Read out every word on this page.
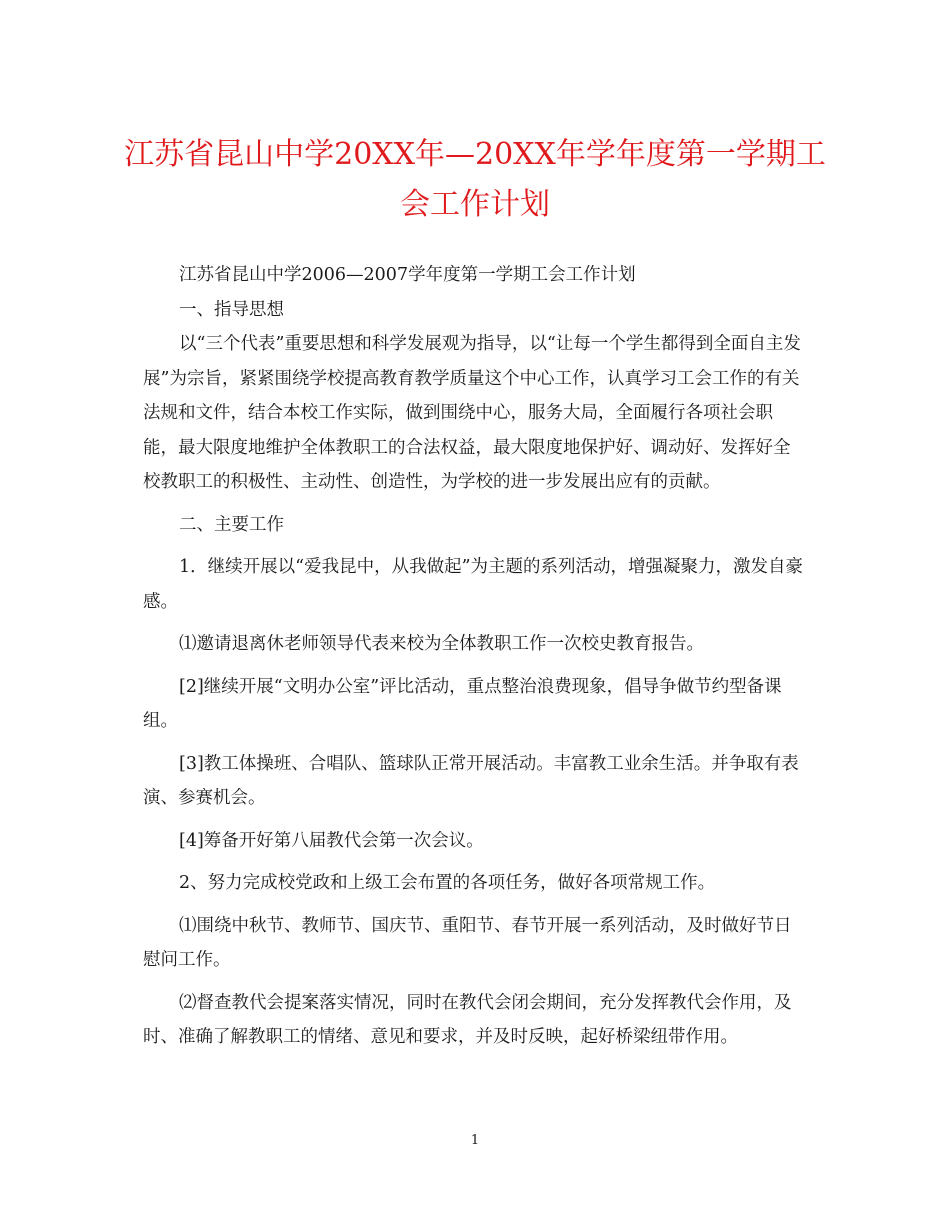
江苏省昆山中学20XX年—20XX年学年度第一学期工会工作计划

江苏省昆山中学2006—2007学年度第一学期工会工作计划

一、指导思想

以“三个代表”重要思想和科学发展观为指导，以“让每一个学生都得到全面自主发展”为宗旨，紧紧围绕学校提高教育教学质量这个中心工作，认真学习工会工作的有关法规和文件，结合本校工作实际，做到围绕中心，服务大局，全面履行各项社会职能，最大限度地维护全体教职工的合法权益，最大限度地保护好、调动好、发挥好全校教职工的积极性、主动性、创造性，为学校的进一步发展出应有的贡献。

二、主要工作

1．继续开展以“爱我昆中，从我做起”为主题的系列活动，增强凝聚力，激发自豪感。

⑴邀请退离休老师领导代表来校为全体教职工作一次校史教育报告。

[2]继续开展“文明办公室”评比活动，重点整治浪费现象，倡导争做节约型备课组。

[3]教工体操班、合唱队、篮球队正常开展活动。丰富教工业余生活。并争取有表演、参赛机会。

[4]筹备开好第八届教代会第一次会议。

2、努力完成校党政和上级工会布置的各项任务，做好各项常规工作。

⑴围绕中秋节、教师节、国庆节、重阳节、春节开展一系列活动，及时做好节日慰问工作。

⑵督查教代会提案落实情况，同时在教代会闭会期间，充分发挥教代会作用，及时、准确了解教职工的情绪、意见和要求，并及时反映，起好桥梁纽带作用。

1
